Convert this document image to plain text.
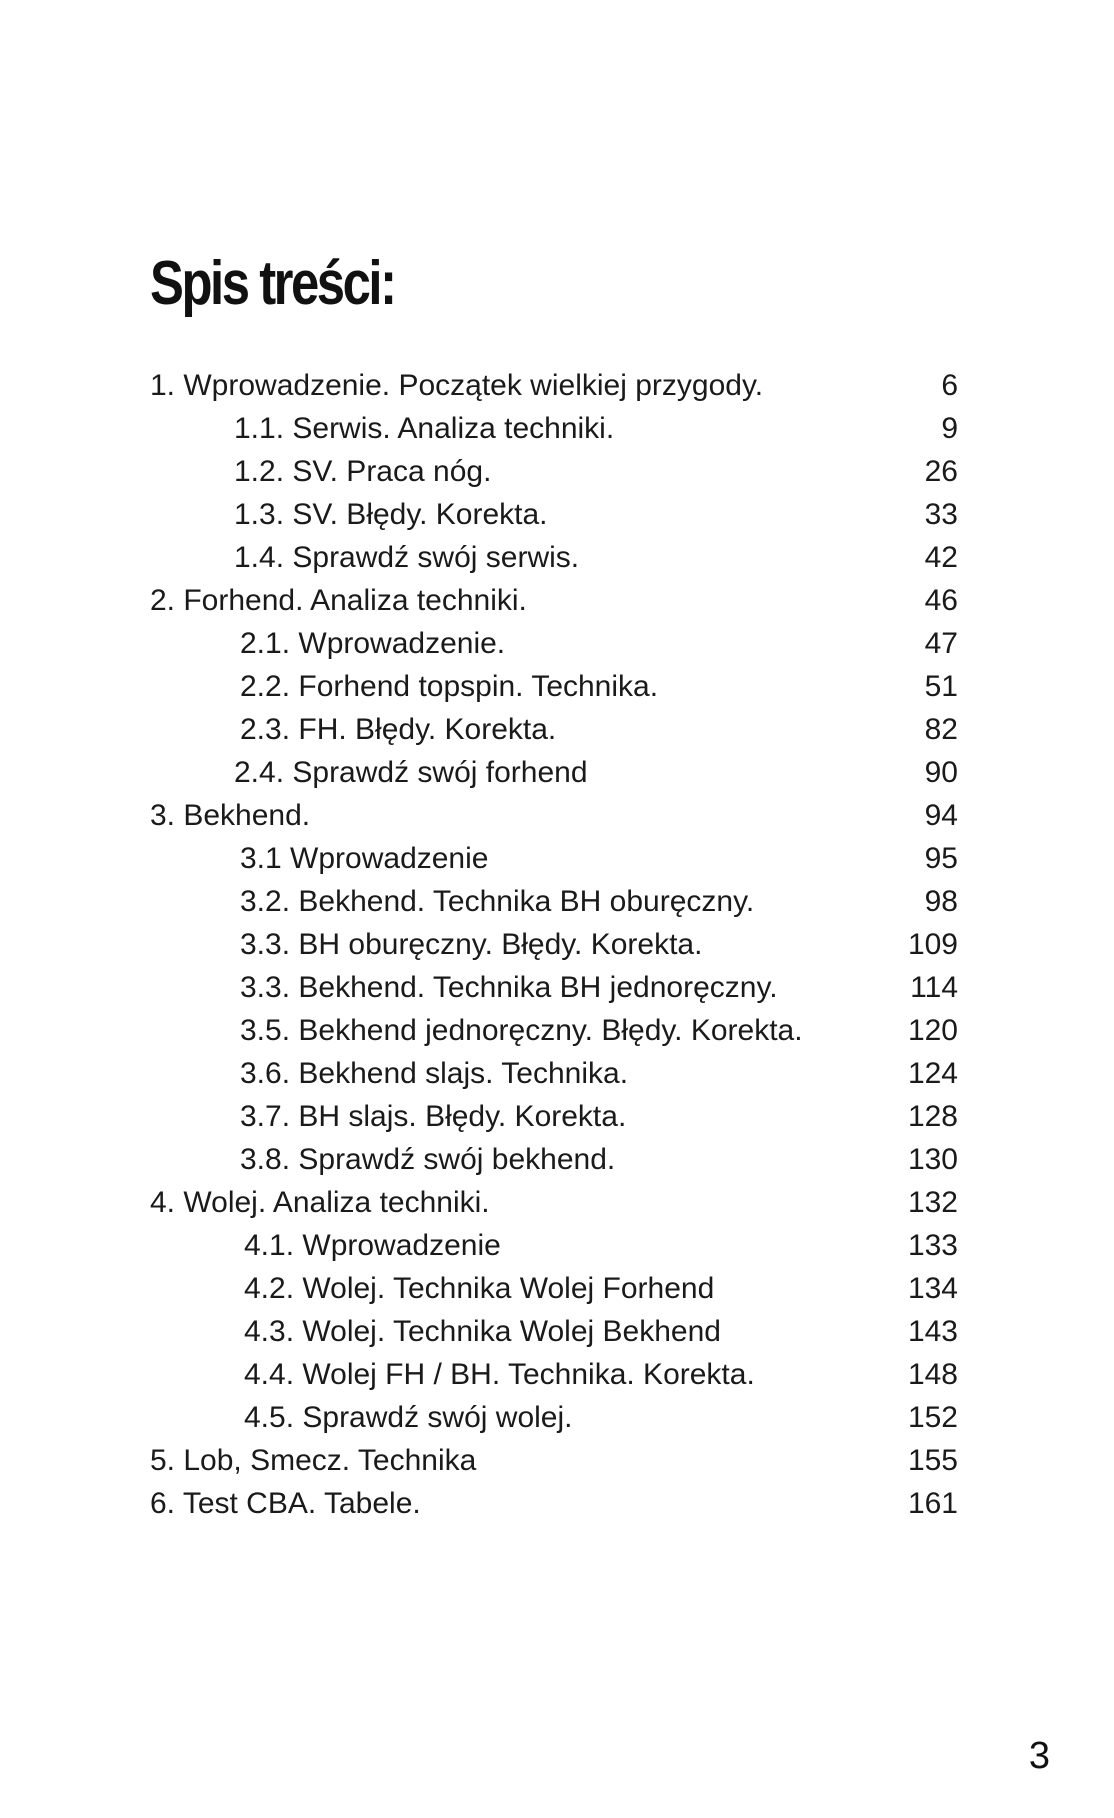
Spis treści:
1. Wprowadzenie. Początek wielkiej przygody.	6
1.1. Serwis. Analiza techniki.	9
1.2. SV. Praca nóg.	26
1.3. SV. Błędy. Korekta.	33
1.4. Sprawdź swój serwis.	42
2. Forhend. Analiza techniki.	46
2.1. Wprowadzenie.	47
2.2. Forhend topspin. Technika.	51
2.3. FH. Błędy. Korekta.	82
2.4. Sprawdź swój forhend	90
3. Bekhend.	94
3.1 Wprowadzenie	95
3.2. Bekhend. Technika BH oburęczny.	98
3.3. BH oburęczny. Błędy. Korekta.	109
3.3. Bekhend. Technika BH jednoręczny.	114
3.5. Bekhend jednoręczny. Błędy. Korekta.	120
3.6. Bekhend slajs. Technika.	124
3.7. BH slajs. Błędy. Korekta.	128
3.8. Sprawdź swój bekhend.	130
4. Wolej. Analiza techniki.	132
4.1. Wprowadzenie	133
4.2. Wolej. Technika Wolej Forhend	134
4.3. Wolej. Technika Wolej Bekhend	143
4.4. Wolej FH / BH. Technika. Korekta.	148
4.5. Sprawdź swój wolej.	152
5. Lob, Smecz. Technika	155
6. Test CBA. Tabele.	161
3
